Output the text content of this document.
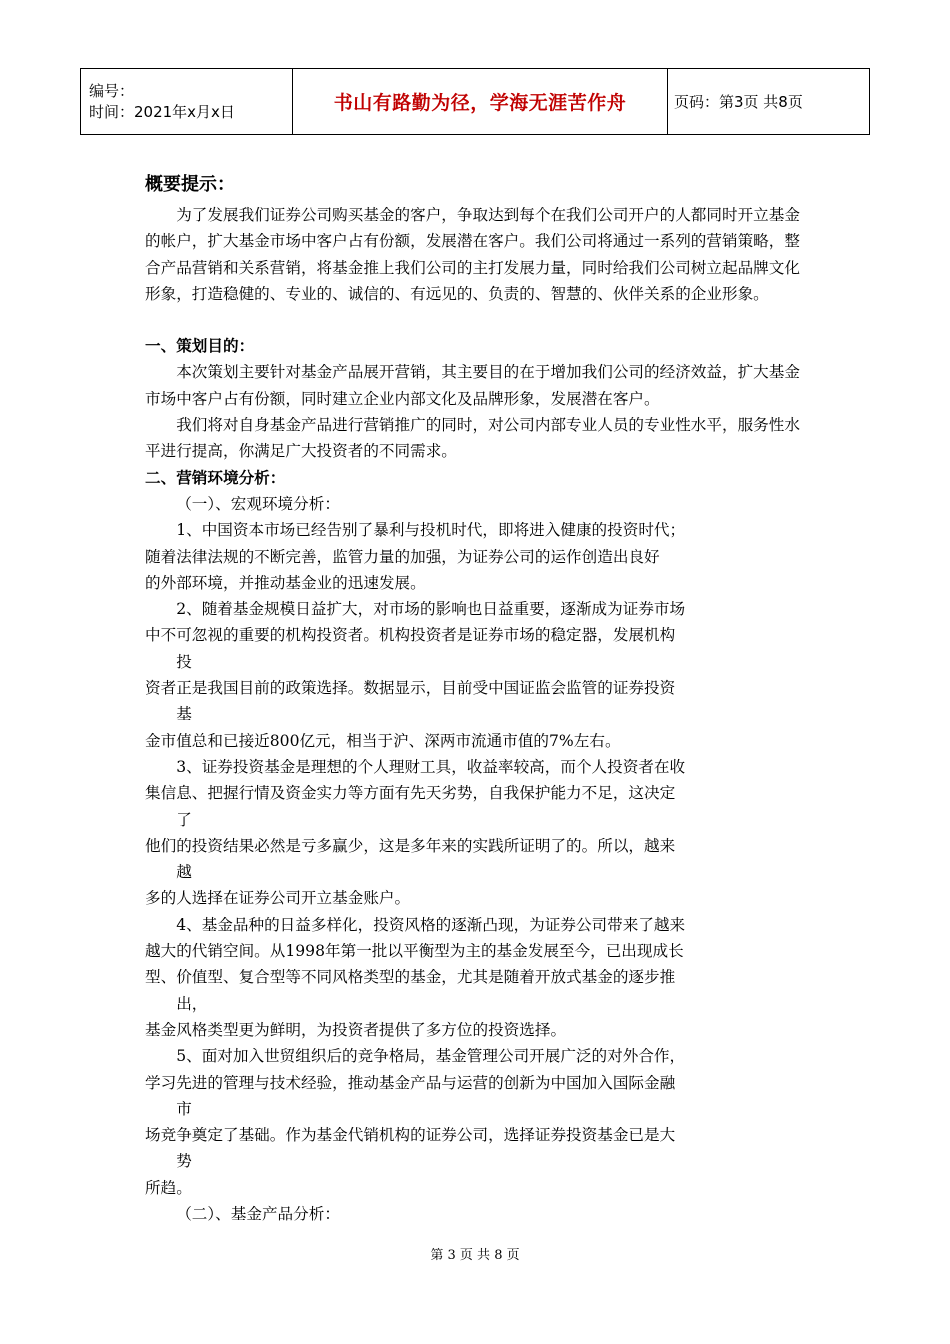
编号：
时间：2021年x月x日	书山有路勤为径，学海无涯苦作舟	页码：第3页 共8页
概要提示：

为了发展我们证券公司购买基金的客户，争取达到每个在我们公司开户的人都同时开立基金的帐户，扩大基金市场中客户占有份额，发展潜在客户。我们公司将通过一系列的营销策略，整合产品营销和关系营销，将基金推上我们公司的主打发展力量，同时给我们公司树立起品牌文化形象，打造稳健的、专业的、诚信的、有远见的、负责的、智慧的、伙伴关系的企业形象。

一、策划目的：

本次策划主要针对基金产品展开营销，其主要目的在于增加我们公司的经济效益，扩大基金市场中客户占有份额，同时建立企业内部文化及品牌形象，发展潜在客户。

我们将对自身基金产品进行营销推广的同时，对公司内部专业人员的专业性水平，服务性水平进行提高，你满足广大投资者的不同需求。

二、营销环境分析：

（一）、宏观环境分析：

1、中国资本市场已经告别了暴利与投机时代，即将进入健康的投资时代；
随着法律法规的不断完善，监管力量的加强，为证券公司的运作创造出良好
的外部环境，并推动基金业的迅速发展。
2、随着基金规模日益扩大，对市场的影响也日益重要，逐渐成为证券市场
中不可忽视的重要的机构投资者。机构投资者是证券市场的稳定器，发展机构
投
资者正是我国目前的政策选择。数据显示，目前受中国证监会监管的证券投资
基
金市值总和已接近800亿元，相当于沪、深两市流通市值的7%左右。
3、证券投资基金是理想的个人理财工具，收益率较高，而个人投资者在收
集信息、把握行情及资金实力等方面有先天劣势，自我保护能力不足，这决定
了
他们的投资结果必然是亏多赢少，这是多年来的实践所证明了的。所以，越来
越
多的人选择在证券公司开立基金账户。
4、基金品种的日益多样化，投资风格的逐渐凸现，为证券公司带来了越来
越大的代销空间。从1998年第一批以平衡型为主的基金发展至今，已出现成长
型、价值型、复合型等不同风格类型的基金，尤其是随着开放式基金的逐步推
出，
基金风格类型更为鲜明，为投资者提供了多方位的投资选择。
5、面对加入世贸组织后的竞争格局，基金管理公司开展广泛的对外合作，
学习先进的管理与技术经验，推动基金产品与运营的创新为中国加入国际金融
市
场竞争奠定了基础。作为基金代销机构的证券公司，选择证券投资基金已是大
势
所趋。

（二）、基金产品分析：

第 3 页 共 8 页
